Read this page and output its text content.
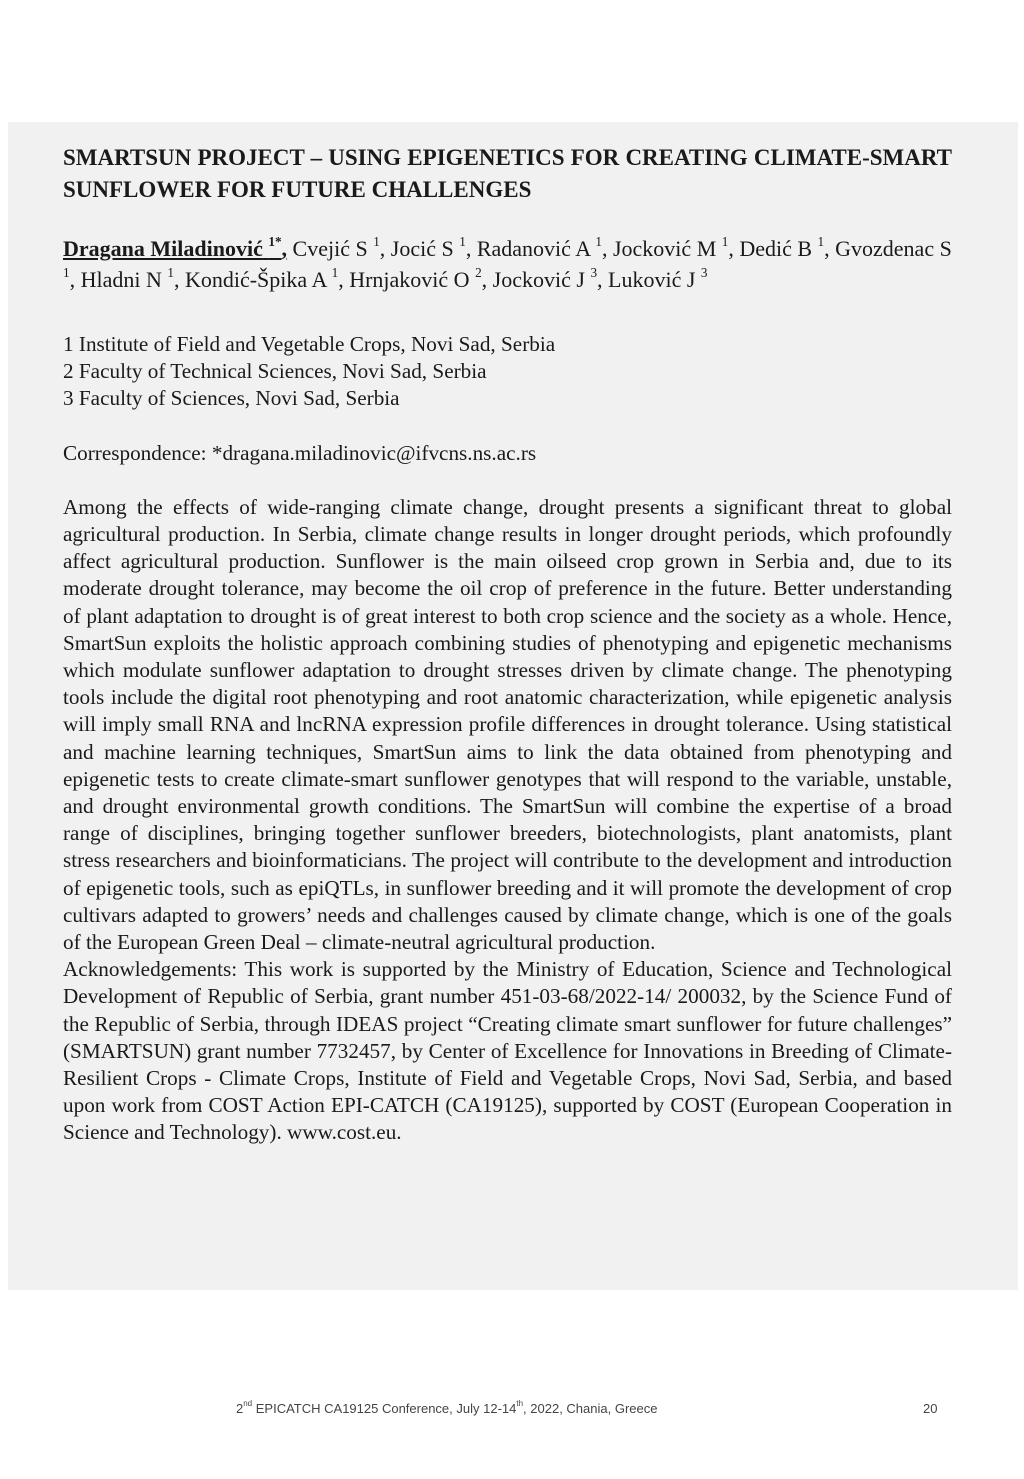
SMARTSUN PROJECT – USING EPIGENETICS FOR CREATING CLIMATE-SMART SUNFLOWER FOR FUTURE CHALLENGES
Dragana Miladinović $^{1*}$, Cvejić S $^1$, Jocić S $^1$, Radanović A $^1$, Jocković M $^1$, Dedić B $^1$, Gvozdenac S $^1$, Hladni N $^1$, Kondić-Špika A $^1$, Hrnjaković O $^2$, Jocković J $^3$, Luković J $^3$
1 Institute of Field and Vegetable Crops, Novi Sad, Serbia
2 Faculty of Technical Sciences, Novi Sad, Serbia
3 Faculty of Sciences, Novi Sad, Serbia
Correspondence: *dragana.miladinovic@ifvcns.ns.ac.rs

Among the effects of wide-ranging climate change, drought presents a significant threat to global agricultural production. In Serbia, climate change results in longer drought periods, which profoundly affect agricultural production. Sunflower is the main oilseed crop grown in Serbia and, due to its moderate drought tolerance, may become the oil crop of preference in the future. Better understanding of plant adaptation to drought is of great interest to both crop science and the society as a whole. Hence, SmartSun exploits the holistic approach combining studies of phenotyping and epigenetic mechanisms which modulate sunflower adaptation to drought stresses driven by climate change. The phenotyping tools include the digital root phenotyping and root anatomic characterization, while epigenetic analysis will imply small RNA and lncRNA expression profile differences in drought tolerance. Using statistical and machine learning techniques, SmartSun aims to link the data obtained from phenotyping and epigenetic tests to create climate-smart sunflower genotypes that will respond to the variable, unstable, and drought environmental growth conditions. The SmartSun will combine the expertise of a broad range of disciplines, bringing together sunflower breeders, biotechnologists, plant anatomists, plant stress researchers and bioinformaticians. The project will contribute to the development and introduction of epigenetic tools, such as epiQTLs, in sunflower breeding and it will promote the development of crop cultivars adapted to growers’ needs and challenges caused by climate change, which is one of the goals of the European Green Deal – climate-neutral agricultural production.

Acknowledgements: This work is supported by the Ministry of Education, Science and Technological Development of Republic of Serbia, grant number 451-03-68/2022-14/ 200032, by the Science Fund of the Republic of Serbia, through IDEAS project “Creating climate smart sunflower for future challenges” (SMARTSUN) grant number 7732457, by Center of Excellence for Innovations in Breeding of Climate-Resilient Crops - Climate Crops, Institute of Field and Vegetable Crops, Novi Sad, Serbia, and based upon work from COST Action EPI-CATCH (CA19125), supported by COST (European Cooperation in Science and Technology). www.cost.eu.

2nd EPICATCH CA19125 Conference, July 12-14th, 2022, Chania, Greece	20
